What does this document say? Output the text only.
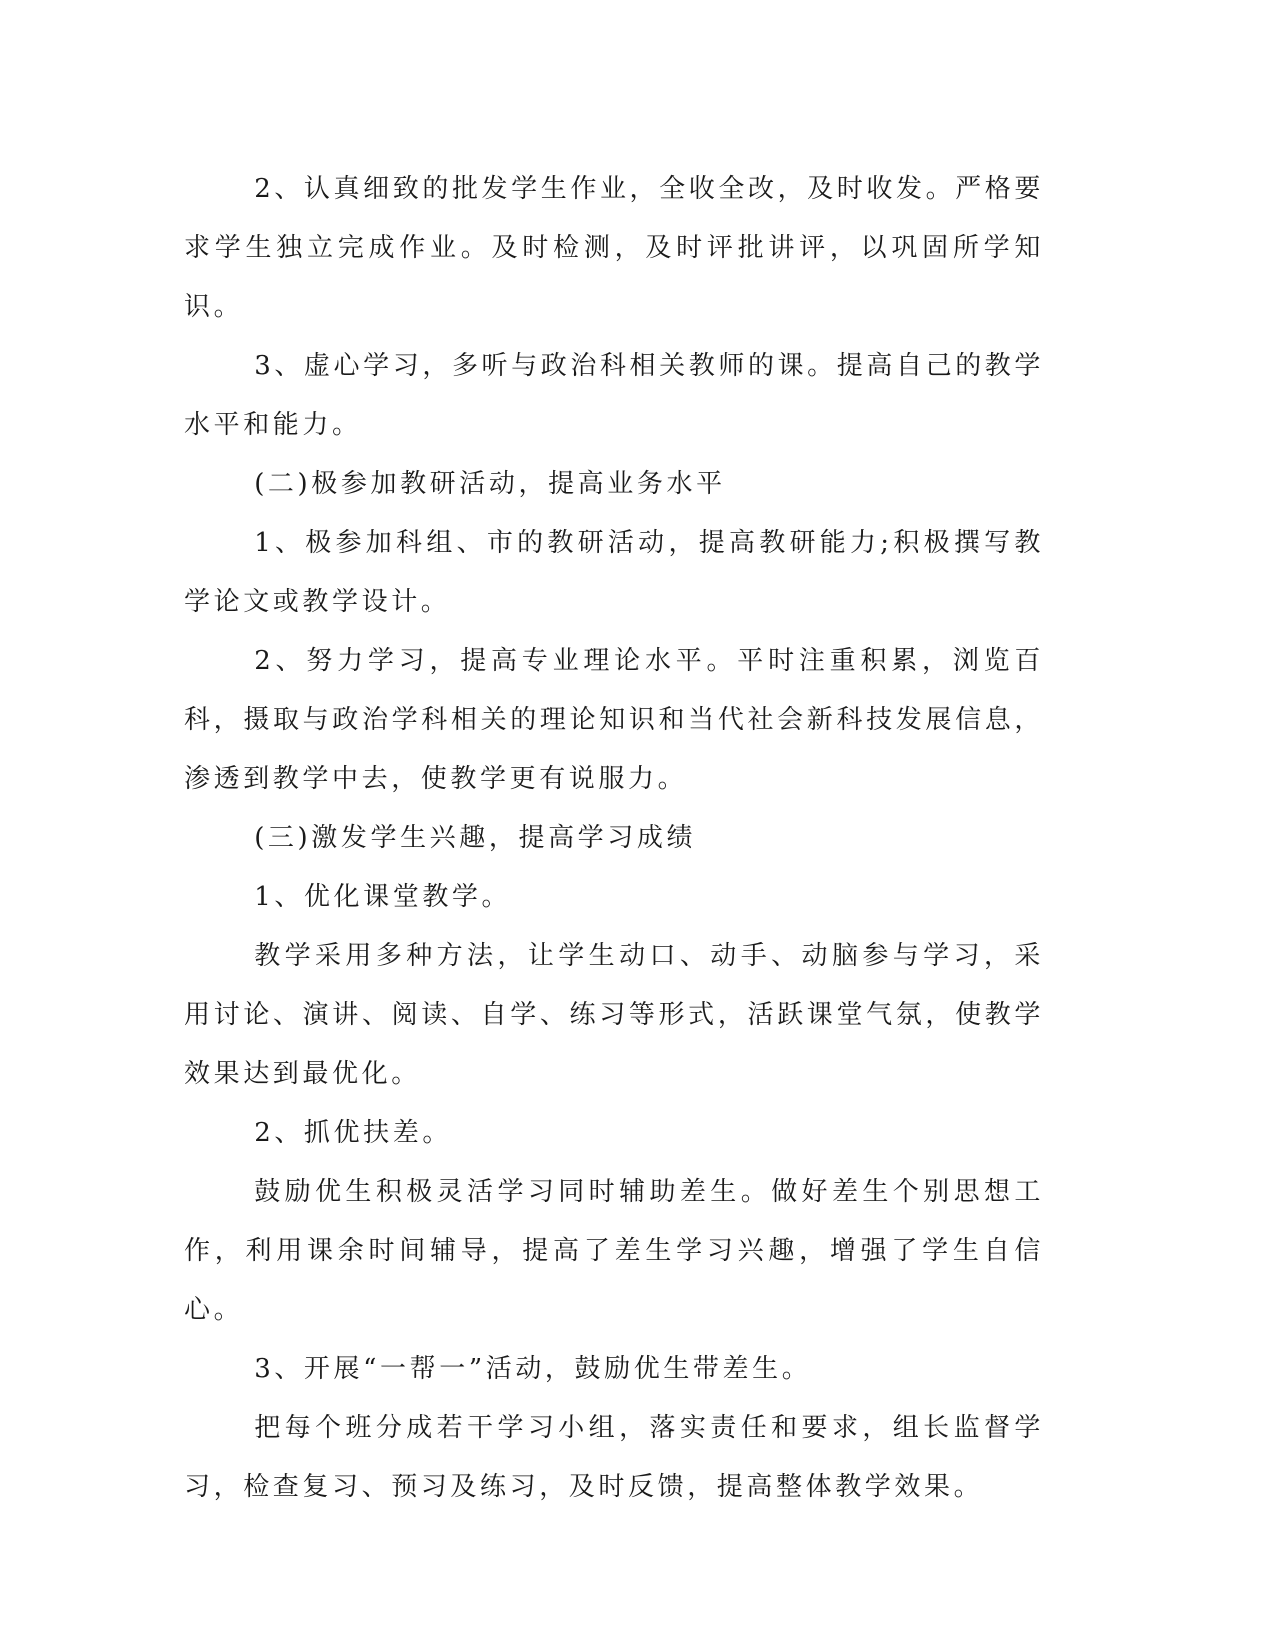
2、认真细致的批发学生作业，全收全改，及时收发。严格要求学生独立完成作业。及时检测，及时评批讲评，以巩固所学知识。

3、虚心学习，多听与政治科相关教师的课。提高自己的教学水平和能力。

(二)极参加教研活动，提高业务水平

1、极参加科组、市的教研活动，提高教研能力;积极撰写教学论文或教学设计。

2、努力学习，提高专业理论水平。平时注重积累，浏览百科，摄取与政治学科相关的理论知识和当代社会新科技发展信息，渗透到教学中去，使教学更有说服力。

(三)激发学生兴趣，提高学习成绩

1、优化课堂教学。

教学采用多种方法，让学生动口、动手、动脑参与学习，采用讨论、演讲、阅读、自学、练习等形式，活跃课堂气氛，使教学效果达到最优化。

2、抓优扶差。

鼓励优生积极灵活学习同时辅助差生。做好差生个别思想工作，利用课余时间辅导，提高了差生学习兴趣，增强了学生自信心。

3、开展“一帮一”活动，鼓励优生带差生。

把每个班分成若干学习小组，落实责任和要求，组长监督学习，检查复习、预习及练习，及时反馈，提高整体教学效果。
